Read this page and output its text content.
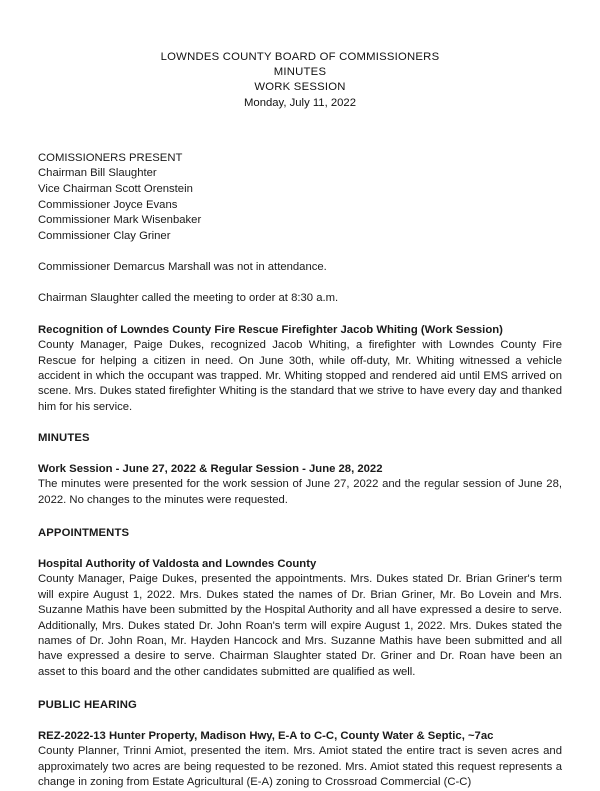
LOWNDES COUNTY BOARD OF COMMISSIONERS
MINUTES
WORK SESSION
Monday, July 11, 2022
COMISSIONERS PRESENT
Chairman Bill Slaughter
Vice Chairman Scott Orenstein
Commissioner Joyce Evans
Commissioner Mark Wisenbaker
Commissioner Clay Griner
Commissioner Demarcus Marshall was not in attendance.
Chairman Slaughter called the meeting to order at 8:30 a.m.
Recognition of Lowndes County Fire Rescue Firefighter Jacob Whiting (Work Session)
County Manager, Paige Dukes, recognized Jacob Whiting, a firefighter with Lowndes County Fire Rescue for helping a citizen in need. On June 30th, while off-duty, Mr. Whiting witnessed a vehicle accident in which the occupant was trapped. Mr. Whiting stopped and rendered aid until EMS arrived on scene. Mrs. Dukes stated firefighter Whiting is the standard that we strive to have every day and thanked him for his service.
MINUTES
Work Session - June 27, 2022 & Regular Session - June 28, 2022
The minutes were presented for the work session of June 27, 2022 and the regular session of June 28, 2022. No changes to the minutes were requested.
APPOINTMENTS
Hospital Authority of Valdosta and Lowndes County
County Manager, Paige Dukes, presented the appointments. Mrs. Dukes stated Dr. Brian Griner's term will expire August 1, 2022. Mrs. Dukes stated the names of Dr. Brian Griner, Mr. Bo Lovein and Mrs. Suzanne Mathis have been submitted by the Hospital Authority and all have expressed a desire to serve. Additionally, Mrs. Dukes stated Dr. John Roan's term will expire August 1, 2022. Mrs. Dukes stated the names of Dr. John Roan, Mr. Hayden Hancock and Mrs. Suzanne Mathis have been submitted and all have expressed a desire to serve. Chairman Slaughter stated Dr. Griner and Dr. Roan have been an asset to this board and the other candidates submitted are qualified as well.
PUBLIC HEARING
REZ-2022-13 Hunter Property, Madison Hwy, E-A to C-C, County Water & Septic, ~7ac
County Planner, Trinni Amiot, presented the item. Mrs. Amiot stated the entire tract is seven acres and approximately two acres are being requested to be rezoned. Mrs. Amiot stated this request represents a change in zoning from Estate Agricultural (E-A) zoning to Crossroad Commercial (C-C)
